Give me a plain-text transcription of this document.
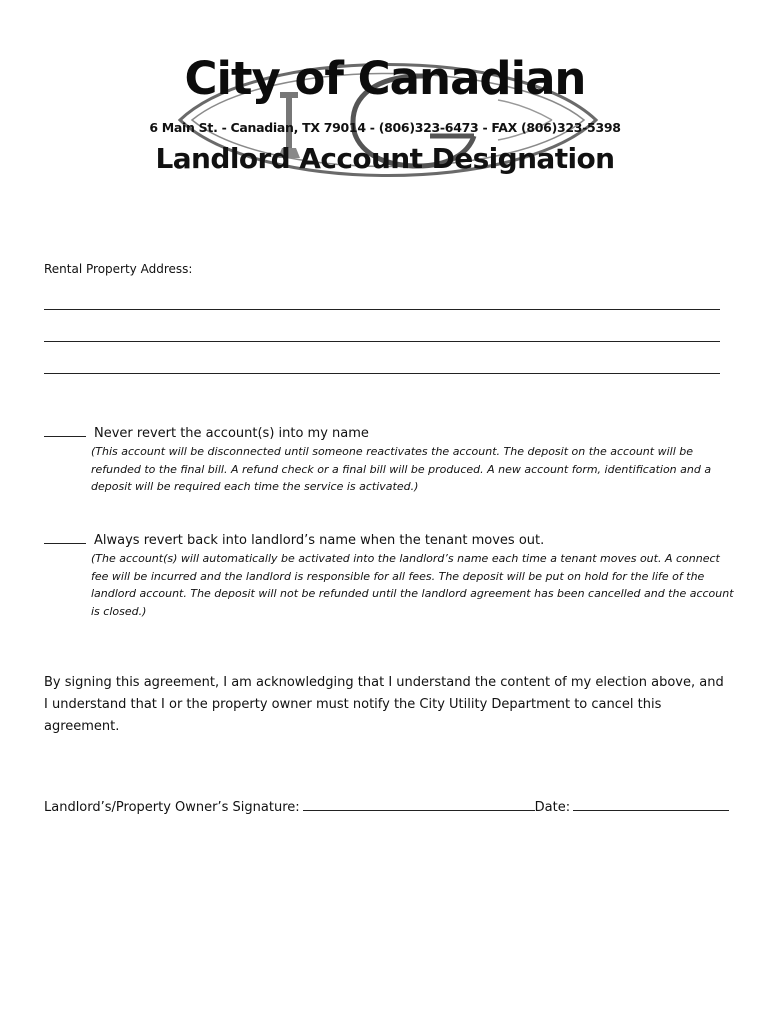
City of Canadian
6 Main St. - Canadian, TX 79014 - (806)323-6473 - FAX (806)323-5398
Landlord Account Designation
Rental Property Address:
Never revert the account(s) into my name
(This account will be disconnected until someone reactivates the account. The deposit on the account will be refunded to the final bill. A refund check or a final bill will be produced. A new account form, identification and a deposit will be required each time the service is activated.)
Always revert back into landlord’s name when the tenant moves out.
(The account(s) will automatically be activated into the landlord’s name each time a tenant moves out. A connect fee will be incurred and the landlord is responsible for all fees. The deposit will be put on hold for the life of the landlord account. The deposit will not be refunded until the landlord agreement has been cancelled and the account is closed.)
By signing this agreement, I am acknowledging that I understand the content of my election above, and I understand that I or the property owner must notify the City Utility Department to cancel this agreement.
Landlord’s/Property Owner’s Signature:	Date:
